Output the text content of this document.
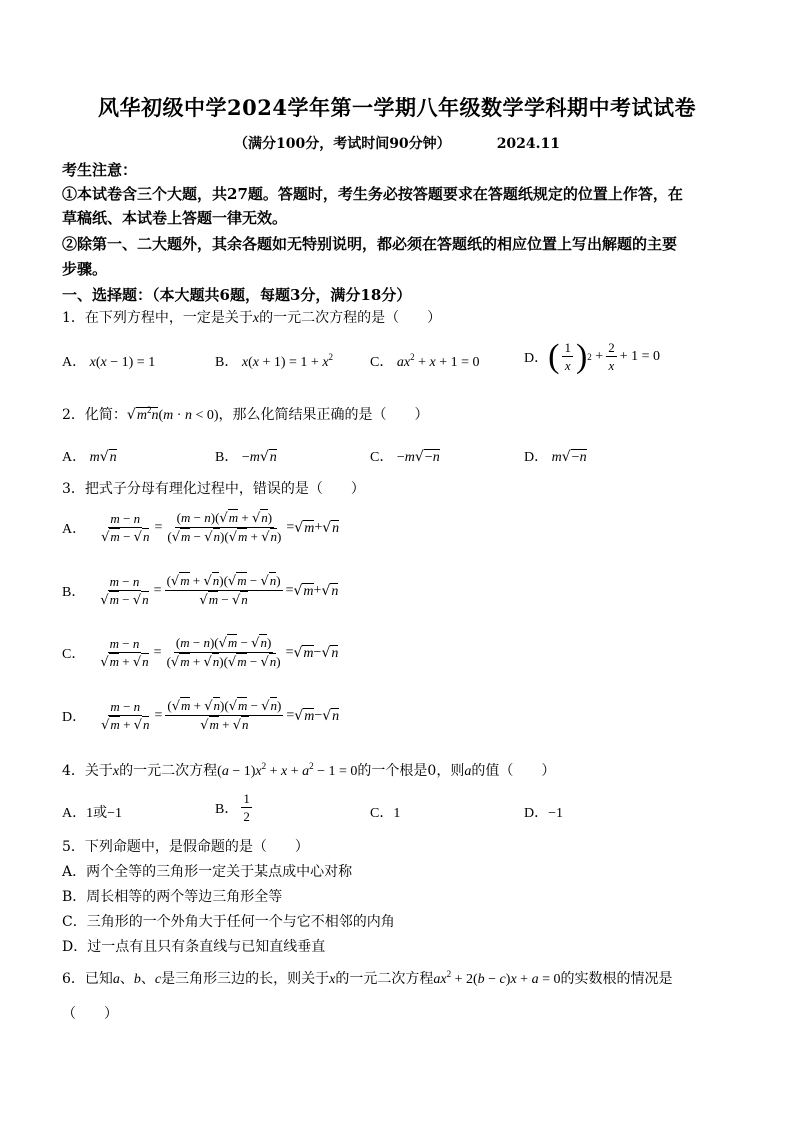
风华初级中学2024学年第一学期八年级数学学科期中考试试卷
（满分100分，考试时间90分钟）	2024.11
考生注意：
①本试卷含三个大题，共27题。答题时，考生务必按答题要求在答题纸规定的位置上作答，在
草稿纸、本试卷上答题一律无效。
②除第一、二大题外，其余各题如无特别说明，都必须在答题纸的相应位置上写出解题的主要
步骤。
一、选择题：（本大题共6题，每题3分，满分18分）
1．在下列方程中，一定是关于x的一元二次方程的是（　　）
A． x(x − 1) = 1	B． $x(x + 1) = 1 + x^2$	C． $ax^2 + x + 1 = 0$	D． ( $\frac{1}{x}$ ) $2 + \frac{2}{x} + 1 = 0$
2．化简：$√m^2n(m \cdot n < 0)$，那么化简结果正确的是（　　）
A． m√n	B． −m√n	C． −m√−n	D． m√−n
3．把式子分母有理化过程中，错误的是（　　）
A． $\frac{m - n}{√m - √n} = \frac{(m - n)(√m + √n)}{(√m - √n)(√m + √n)}$ = √ m + √ n
B． $\frac{m - n}{√m - √n} = \frac{(√m + √n)(√m - √n)}{√m - √n}$ = √ m + √ n
C． $\frac{m - n}{√m + √n} = \frac{(m - n)(√m - √n)}{(√m + √n)(√m - √n)}$ = √ m − √ n
D． $\frac{m - n}{√m + √n} = \frac{(√m + √n)(√m - √n)}{√m + √n}$ = √ m − √ n
4．关于x的一元二次方程$(a - 1)x^2 + x + a^2 - 1 = 0$的一个根是0，则a的值（　　）
A．1或−1	B． $\frac{1}{2}$	C．1	D．−1
5．下列命题中，是假命题的是（　　）
A．两个全等的三角形一定关于某点成中心对称
B．周长相等的两个等边三角形全等
C．三角形的一个外角大于任何一个与它不相邻的内角
D．过一点有且只有条直线与已知直线垂直
6．已知a、b、c是三角形三边的长，则关于x的一元二次方程$ax^2 + 2(b - c)x + a = 0$的实数根的情况是
（　　）
